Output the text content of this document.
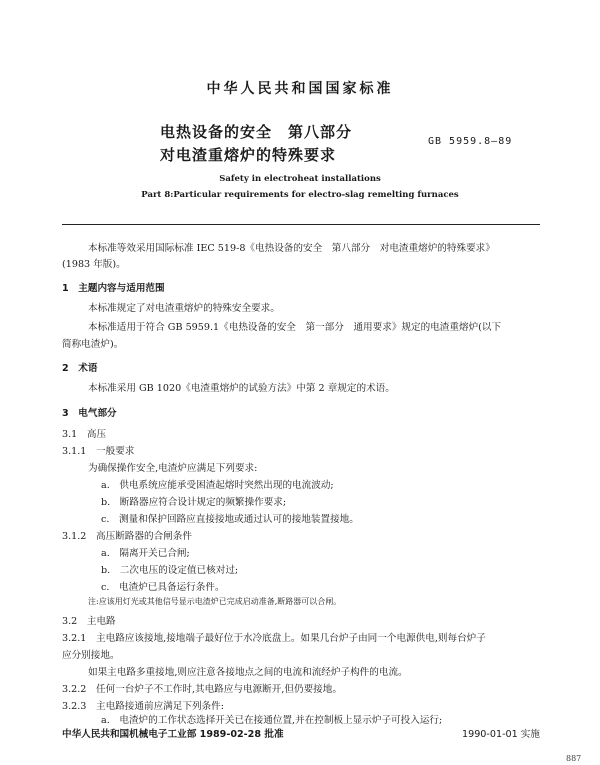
中华人民共和国国家标准
电热设备的安全　第八部分
对电渣重熔炉的特殊要求
GB 5959.8—89
Safety in electroheat installations
Part 8:Particular requirements for electro-slag remelting furnaces
本标准等效采用国际标准 IEC 519-8《电热设备的安全　第八部分　对电渣重熔炉的特殊要求》
(1983 年版)。
1　主题内容与适用范围
本标准规定了对电渣重熔炉的特殊安全要求。
本标准适用于符合 GB 5959.1《电热设备的安全　第一部分　通用要求》规定的电渣重熔炉(以下
简称电渣炉)。
2　术语
本标准采用 GB 1020《电渣重熔炉的试验方法》中第 2 章规定的术语。
3　电气部分
3.1　高压
3.1.1　一般要求
为确保操作安全,电渣炉应满足下列要求:
a.　供电系统应能承受困渣起熔时突然出现的电流波动;
b.　断路器应符合设计规定的频繁操作要求;
c.　测量和保护回路应直接接地或通过认可的接地装置接地。
3.1.2　高压断路器的合闸条件
a.　隔离开关已合闸;
b.　二次电压的设定值已核对过;
c.　电渣炉已具备运行条件。
注:应该用灯光或其他信号显示电渣炉已完成启动准备,断路器可以合闸。
3.2　主电路
3.2.1　主电路应该接地,接地端子最好位于水冷底盘上。如果几台炉子由同一个电源供电,则每台炉子
应分别接地。
如果主电路多重接地,则应注意各接地点之间的电流和流经炉子构件的电流。
3.2.2　任何一台炉子不工作时,其电路应与电源断开,但仍要接地。
3.2.3　主电路接通前应满足下列条件:
a.　电渣炉的工作状态选择开关已在接通位置,并在控制板上显示炉子可投入运行;
中华人民共和国机械电子工业部 1989-02-28 批准	1990-01-01 实施
887
